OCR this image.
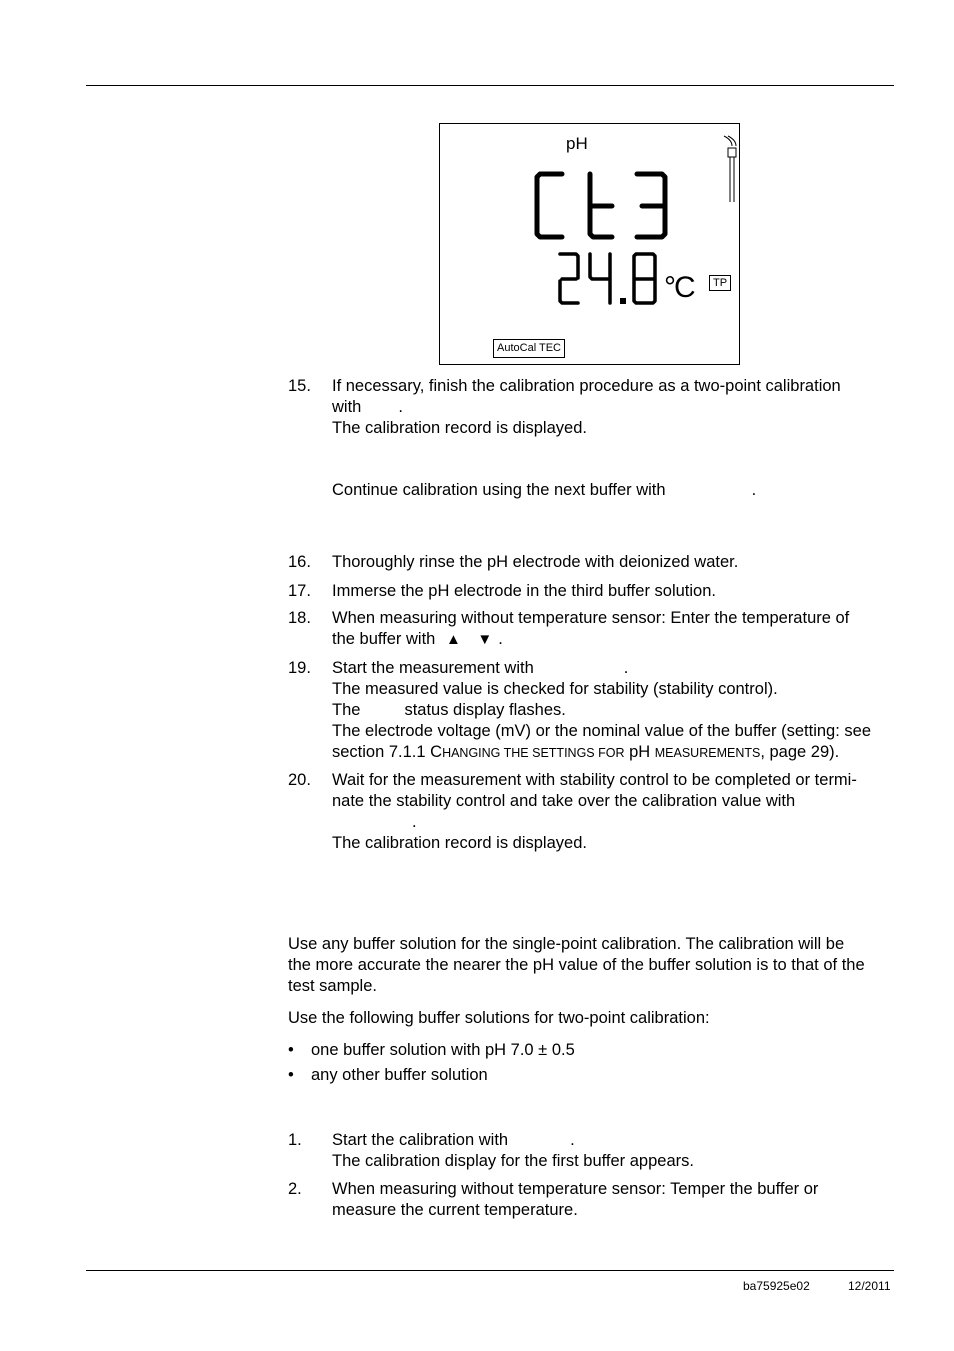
pH
°C	TP
AutoCal TEC
15. If necessary, finish the calibration procedure as a two-point calibration
with .
The calibration record is displayed.
Continue calibration using the next buffer with	.
16. Thoroughly rinse the pH electrode with deionized water.
17. Immerse the pH electrode in the third buffer solution.
18. When measuring without temperature sensor: Enter the temperature of
the buffer with ▲ ▼ .
19. Start the measurement with	.
The measured value is checked for stability (stability control).
The	status display flashes.
The electrode voltage (mV) or the nominal value of the buffer (setting: see
section 7.1.1 CHANGING THE SETTINGS FOR pH MEASUREMENTS, page 29).
20. Wait for the measurement with stability control to be completed or termi-
nate the stability control and take over the calibration value with
.
The calibration record is displayed.
Use any buffer solution for the single-point calibration. The calibration will be
the more accurate the nearer the pH value of the buffer solution is to that of the
test sample.
Use the following buffer solutions for two-point calibration:
• one buffer solution with pH 7.0 ± 0.5
• any other buffer solution
1. Start the calibration with	.
The calibration display for the first buffer appears.
2. When measuring without temperature sensor: Temper the buffer or
measure the current temperature.
ba75925e02	12/2011
